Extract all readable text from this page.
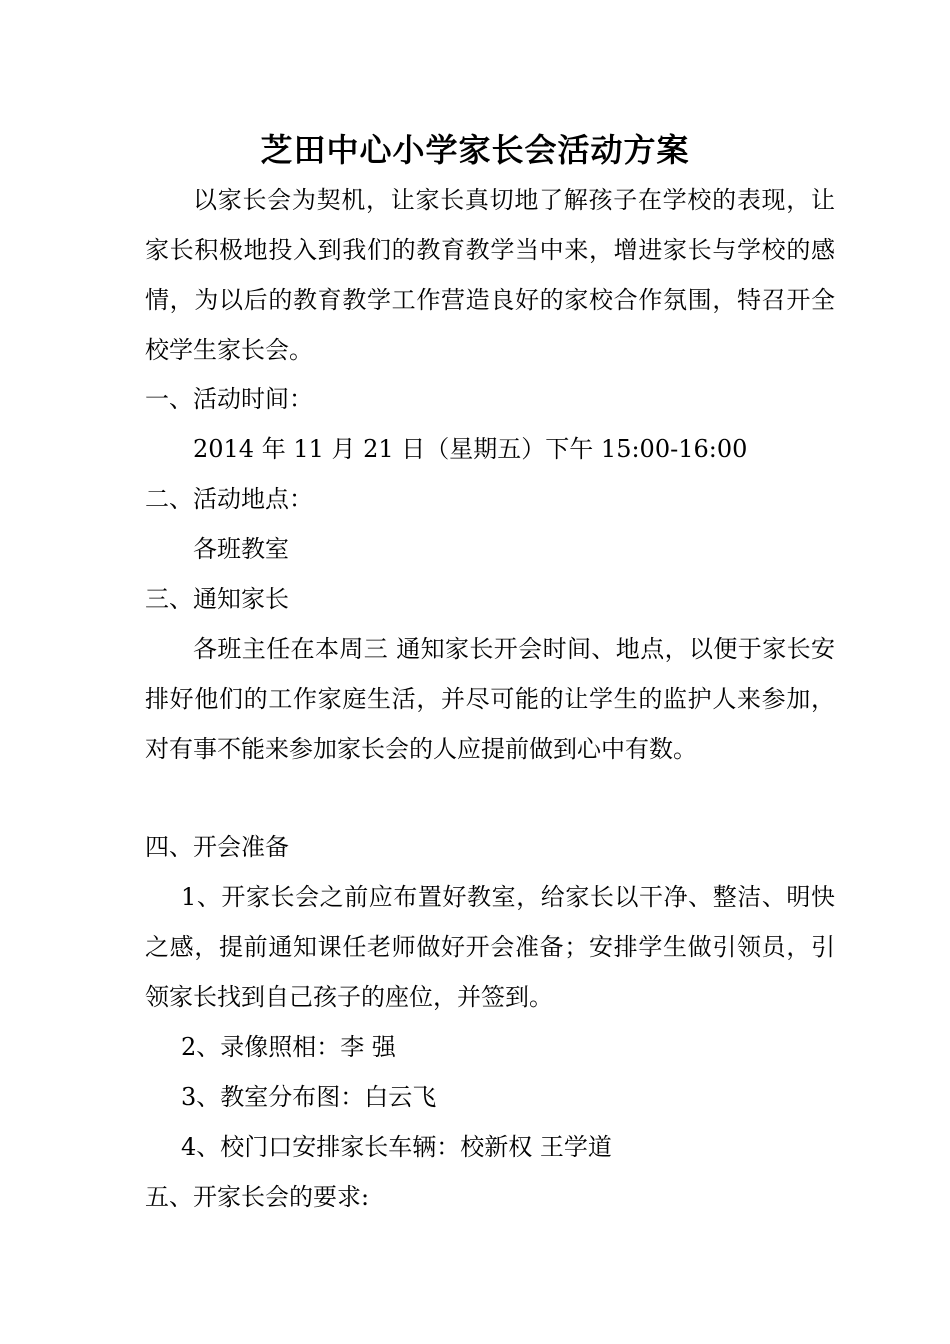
芝田中心小学家长会活动方案

以家长会为契机，让家长真切地了解孩子在学校的表现，让家长积极地投入到我们的教育教学当中来，增进家长与学校的感情，为以后的教育教学工作营造良好的家校合作氛围，特召开全校学生家长会。

一、活动时间：

2014 年 11 月 21 日（星期五）下午 15:00-16:00

二、活动地点：

各班教室

三、通知家长

各班主任在本周三 通知家长开会时间、地点，以便于家长安排好他们的工作家庭生活，并尽可能的让学生的监护人来参加，对有事不能来参加家长会的人应提前做到心中有数。

四、开会准备

1、开家长会之前应布置好教室，给家长以干净、整洁、明快之感，提前通知课任老师做好开会准备；安排学生做引领员，引领家长找到自己孩子的座位，并签到。

2、录像照相：李 强

3、教室分布图：白云飞

4、校门口安排家长车辆：校新权 王学道

五、开家长会的要求:
